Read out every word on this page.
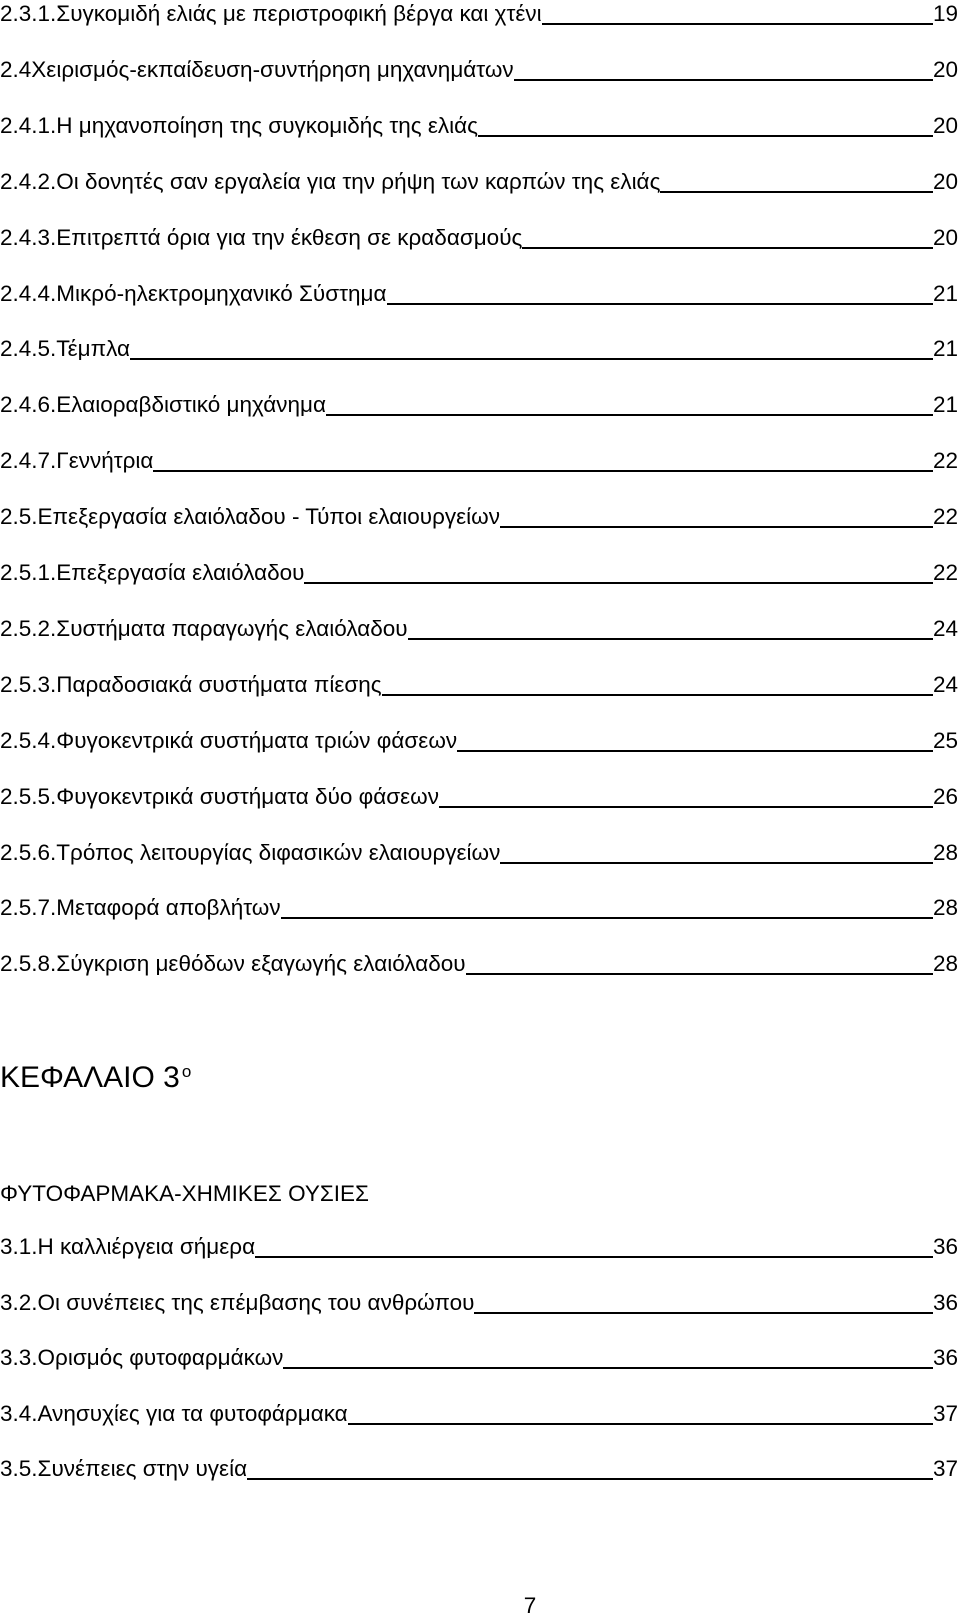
2.3.1. Συγκομιδή ελιάς με περιστροφική βέργα και χτένι	19
2.4 Χειρισμός-εκπαίδευση-συντήρηση μηχανημάτων	20
2.4.1. Η μηχανοποίηση της συγκομιδής της ελιάς	20
2.4.2. Οι δονητές σαν εργαλεία για την ρήψη των καρπών της ελιάς	20
2.4.3. Επιτρεπτά όρια για την έκθεση σε κραδασμούς	20
2.4.4. Μικρό-ηλεκτρομηχανικό Σύστημα	21
2.4.5. Τέμπλα	21
2.4.6. Ελαιοραβδιστικό μηχάνημα	21
2.4.7. Γεννήτρια	22
2.5. Επεξεργασία ελαιόλαδου - Τύποι ελαιουργείων	22
2.5.1. Επεξεργασία ελαιόλαδου	22
2.5.2. Συστήματα παραγωγής ελαιόλαδου	24
2.5.3. Παραδοσιακά συστήματα πίεσης	24
2.5.4. Φυγοκεντρικά συστήματα τριών φάσεων	25
2.5.5. Φυγοκεντρικά συστήματα δύο φάσεων	26
2.5.6. Τρόπος λειτουργίας διφασικών ελαιουργείων	28
2.5.7. Μεταφορά αποβλήτων	28
2.5.8. Σύγκριση μεθόδων εξαγωγής ελαιόλαδου	28
3.1. Η καλλιέργεια σήμερα	36
3.2. Οι συνέπειες της επέμβασης του ανθρώπου	36
3.3. Ορισμός φυτοφαρμάκων	36
3.4. Ανησυχίες για τα φυτοφάρμακα	37
3.5. Συνέπειες στην υγεία	37
ΚΕΦΑΛΑΙΟ 3 $^o$
ΦΥΤΟΦΑΡΜΑΚΑ-ΧΗΜΙΚΕΣ ΟΥΣΙΕΣ
7
